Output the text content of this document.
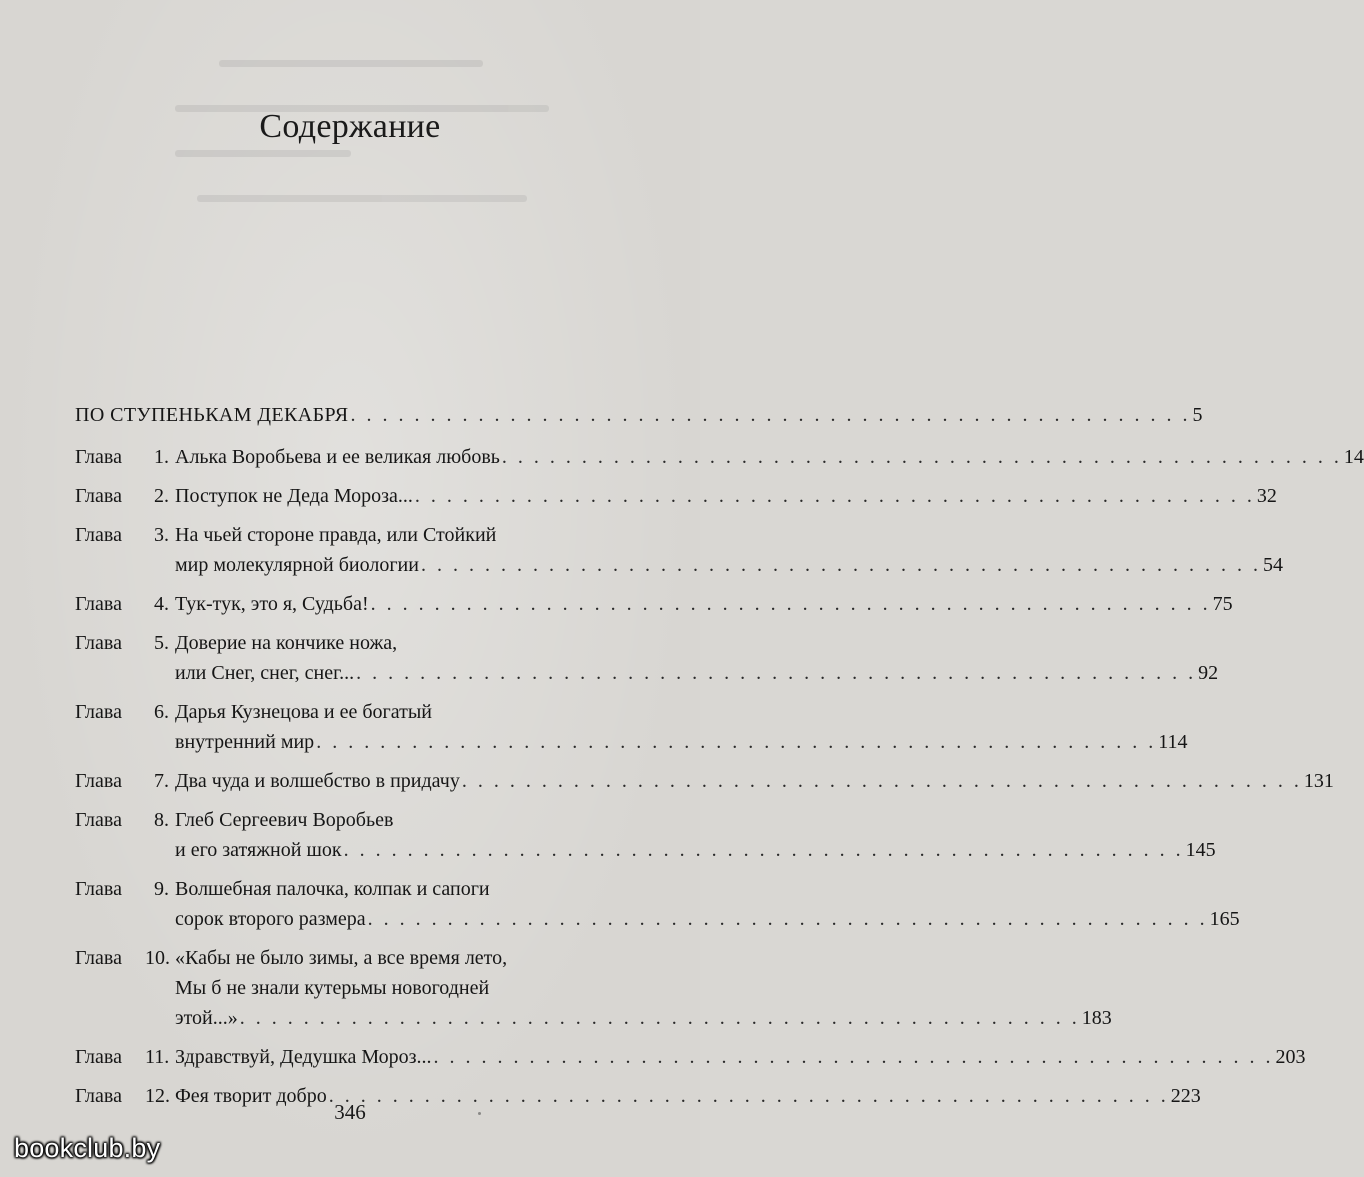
Содержание
ПО СТУПЕНЬКАМ ДЕКАБРЯ . . . . . . . . . . . . . . . . . . . . . . . . . . . . . . . . . . . . . . . . . . . . . . . . . . . . . 5
Глава 1. Алька Воробьева и ее великая любовь . . . . . . . . . . . . . . . . . . . . . . . . . . . . . . . . . . . . . . . . . . . . . . . . . . . . . 14
Глава 2. Поступок не Деда Мороза... . . . . . . . . . . . . . . . . . . . . . . . . . . . . . . . . . . . . . . . . . . . . . . . . . . . . . 32
Глава 3. На чьей стороне правда, или Стойкий
мир молекулярной биологии . . . . . . . . . . . . . . . . . . . . . . . . . . . . . . . . . . . . . . . . . . . . . . . . . . . . . 54
Глава 4. Тук-тук, это я, Судьба! . . . . . . . . . . . . . . . . . . . . . . . . . . . . . . . . . . . . . . . . . . . . . . . . . . . . . 75
Глава 5. Доверие на кончике ножа,
или Снег, снег, снег... . . . . . . . . . . . . . . . . . . . . . . . . . . . . . . . . . . . . . . . . . . . . . . . . . . . . . 92
Глава 6. Дарья Кузнецова и ее богатый
внутренний мир . . . . . . . . . . . . . . . . . . . . . . . . . . . . . . . . . . . . . . . . . . . . . . . . . . . . . 114
Глава 7. Два чуда и волшебство в придачу . . . . . . . . . . . . . . . . . . . . . . . . . . . . . . . . . . . . . . . . . . . . . . . . . . . . . 131
Глава 8. Глеб Сергеевич Воробьев
и его затяжной шок . . . . . . . . . . . . . . . . . . . . . . . . . . . . . . . . . . . . . . . . . . . . . . . . . . . . . 145
Глава 9. Волшебная палочка, колпак и сапоги
сорок второго размера . . . . . . . . . . . . . . . . . . . . . . . . . . . . . . . . . . . . . . . . . . . . . . . . . . . . . 165
Глава 10. «Кабы не было зимы, а все время лето,
Мы б не знали кутерьмы новогодней
этой...» . . . . . . . . . . . . . . . . . . . . . . . . . . . . . . . . . . . . . . . . . . . . . . . . . . . . . 183
Глава 11. Здравствуй, Дедушка Мороз... . . . . . . . . . . . . . . . . . . . . . . . . . . . . . . . . . . . . . . . . . . . . . . . . . . . . . 203
Глава 12. Фея творит добро . . . . . . . . . . . . . . . . . . . . . . . . . . . . . . . . . . . . . . . . . . . . . . . . . . . . . 223
346
bookclub.by
